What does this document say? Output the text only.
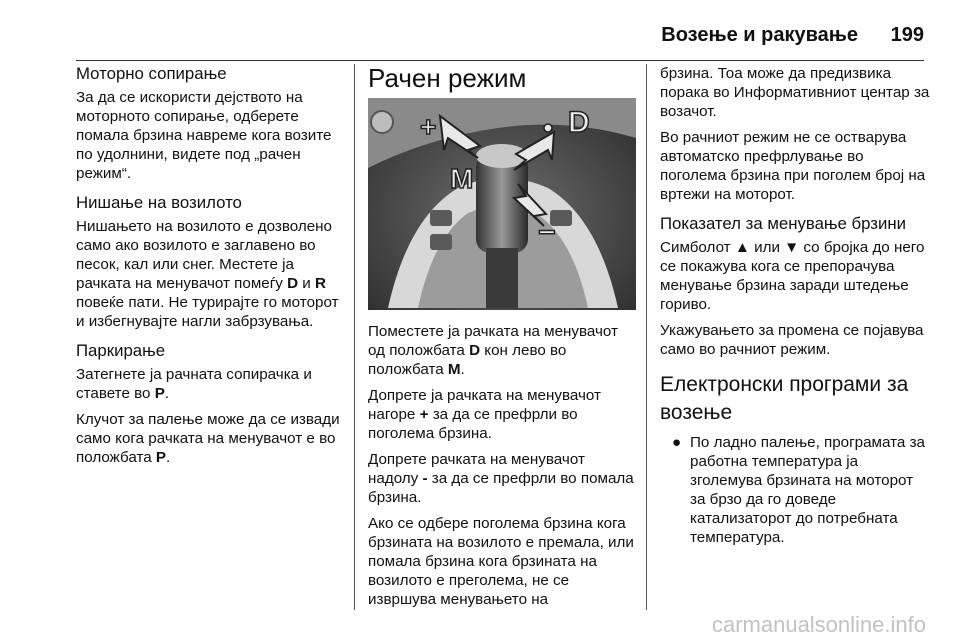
Возење и ракување 199
Моторно сопирање

За да се искористи дејството на моторното сопирање, одберете помала брзина навреме кога возите по удолнини, видете под „рачен режим“.

Нишање на возилото

Нишањето на возилото е дозволено само ако возилото е заглавено во песок, кал или снег. Местете ја рачката на менувачот помеѓу D и R повеќе пати. Не турирајте го моторот и избегнувајте нагли забрзувања.

Паркирање

Затегнете ја рачната сопирачка и ставете во P.

Клучот за палење може да се извади само кога рачката на менувачот е во положбата P.

Рачен режим
D
M
+
−

Поместете ја рачката на менувачот од положбата D кон лево во положбата M.

Допрете ја рачката на менувачот нагоре + за да се префрли во поголема брзина.

Допрете рачката на менувачот надолу - за да се префрли во помала брзина.

Ако се одбере поголема брзина кога брзината на возилото е премала, или помала брзина кога брзината на возилото е преголема, не се извршува менувањето на

брзина. Тоа може да предизвика порака во Информативниот центар за возачот.

Во рачниот режим не се остварува автоматско префрлување во поголема брзина при поголем број на вртежи на моторот.

Показател за менување брзини

Симболот ▲ или ▼ со бројка до него се покажува кога се препорачува менување брзина заради штедење гориво.

Укажувањето за промена се појавува само во рачниот режим.

Електронски програми за возење
● По ладно палење, програмата за работна температура ја зголемува брзината на моторот за брзо да го доведе катализаторот до потребната температура.
carmanualsonline.info
